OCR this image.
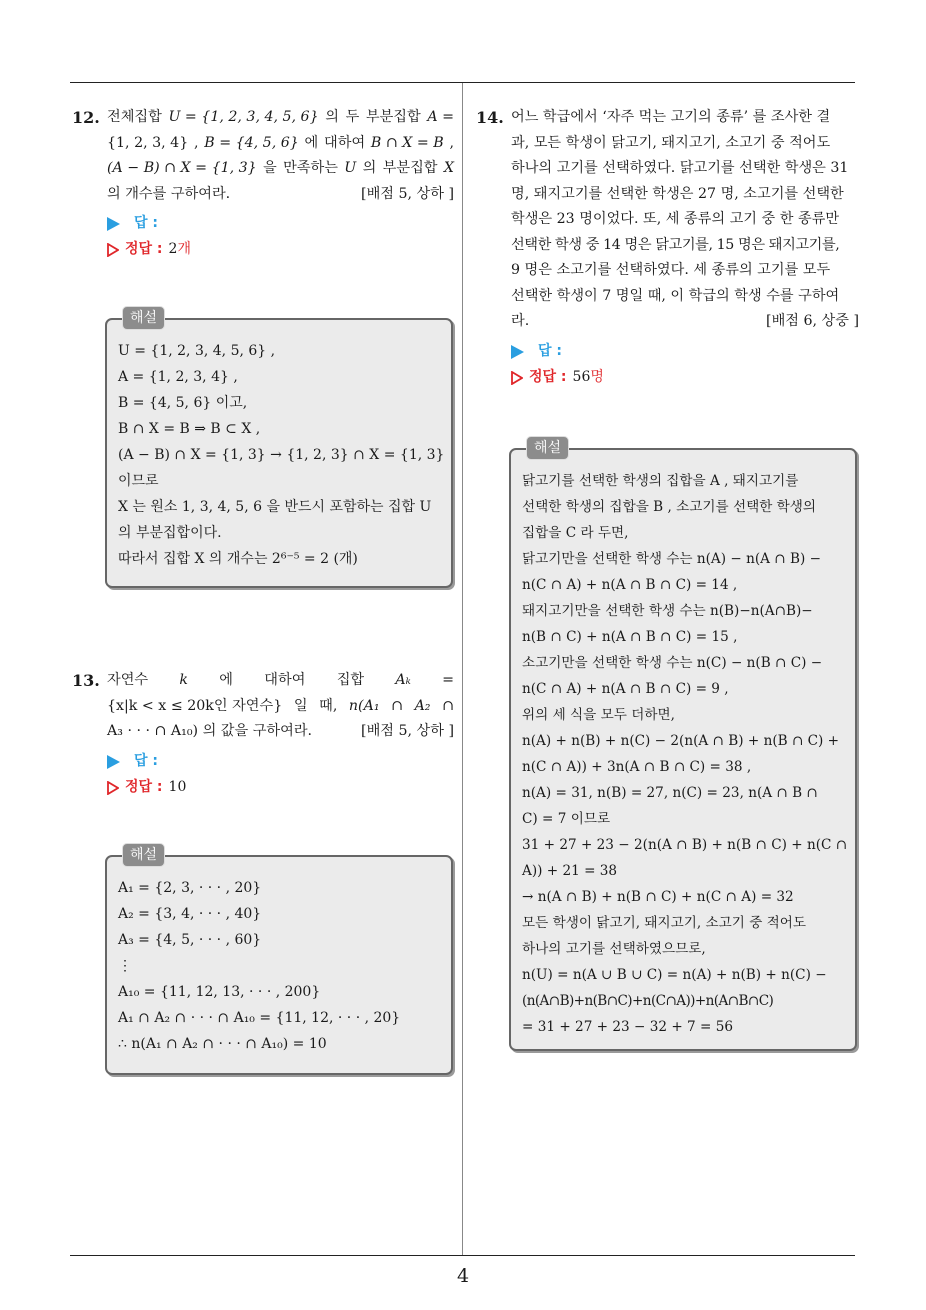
12. 전체집합 U = {1, 2, 3, 4, 5, 6} 의 두 부분집합 A =
{1, 2, 3, 4} , B = {4, 5, 6} 에 대하여 B ∩ X = B ,
(A − B) ∩ X = {1, 3} 을 만족하는 U 의 부분집합 X
의 개수를 구하여라.	[배점 5, 상하 ]
답 :
정답 : 2 개
해설
U = {1, 2, 3, 4, 5, 6} ,
A = {1, 2, 3, 4} ,
B = {4, 5, 6} 이고,
B ∩ X = B ⇒ B ⊂ X ,
(A − B) ∩ X = {1, 3} → {1, 2, 3} ∩ X = {1, 3}
이므로
X 는 원소 1, 3, 4, 5, 6 을 반드시 포함하는 집합 U
의 부분집합이다.
따라서 집합 X 의 개수는 2⁶⁻⁵ = 2 (개)
13. 자연수 k 에 대하여 집합 Aₖ =
{x|k < x ≤ 20k인 자연수} 일 때, n(A₁ ∩ A₂ ∩
A₃ · · · ∩ A₁₀) 의 값을 구하여라.	[배점 5, 상하 ]
답 :
정답 : 10
해설
A₁ = {2, 3, · · · , 20}
A₂ = {3, 4, · · · , 40}
A₃ = {4, 5, · · · , 60}
⋮
A₁₀ = {11, 12, 13, · · · , 200}
A₁ ∩ A₂ ∩ · · · ∩ A₁₀ = {11, 12, · · · , 20}
∴ n(A₁ ∩ A₂ ∩ · · · ∩ A₁₀) = 10
14. 어느 학급에서 ‘자주 먹는 고기의 종류’ 를 조사한 결
과, 모든 학생이 닭고기, 돼지고기, 소고기 중 적어도
하나의 고기를 선택하였다. 닭고기를 선택한 학생은 31
명, 돼지고기를 선택한 학생은 27 명, 소고기를 선택한
학생은 23 명이었다. 또, 세 종류의 고기 중 한 종류만
선택한 학생 중 14 명은 닭고기를, 15 명은 돼지고기를,
9 명은 소고기를 선택하였다. 세 종류의 고기를 모두
선택한 학생이 7 명일 때, 이 학급의 학생 수를 구하여
라.	[배점 6, 상중 ]
답 :
정답 : 56 명
해설
닭고기를 선택한 학생의 집합을 A , 돼지고기를
선택한 학생의 집합을 B , 소고기를 선택한 학생의
집합을 C 라 두면,
닭고기만을 선택한 학생 수는 n(A) − n(A ∩ B) −
n(C ∩ A) + n(A ∩ B ∩ C) = 14 ,
돼지고기만을 선택한 학생 수는 n(B)−n(A∩B)−
n(B ∩ C) + n(A ∩ B ∩ C) = 15 ,
소고기만을 선택한 학생 수는 n(C) − n(B ∩ C) −
n(C ∩ A) + n(A ∩ B ∩ C) = 9 ,
위의 세 식을 모두 더하면,
n(A) + n(B) + n(C) − 2(n(A ∩ B) + n(B ∩ C) +
n(C ∩ A)) + 3n(A ∩ B ∩ C) = 38 ,
n(A) = 31, n(B) = 27, n(C) = 23, n(A ∩ B ∩
C) = 7 이므로
31 + 27 + 23 − 2(n(A ∩ B) + n(B ∩ C) + n(C ∩
A)) + 21 = 38
→ n(A ∩ B) + n(B ∩ C) + n(C ∩ A) = 32
모든 학생이 닭고기, 돼지고기, 소고기 중 적어도
하나의 고기를 선택하였으므로,
n(U) = n(A ∪ B ∪ C) = n(A) + n(B) + n(C) −
(n(A∩B)+n(B∩C)+n(C∩A))+n(A∩B∩C)
= 31 + 27 + 23 − 32 + 7 = 56
4
